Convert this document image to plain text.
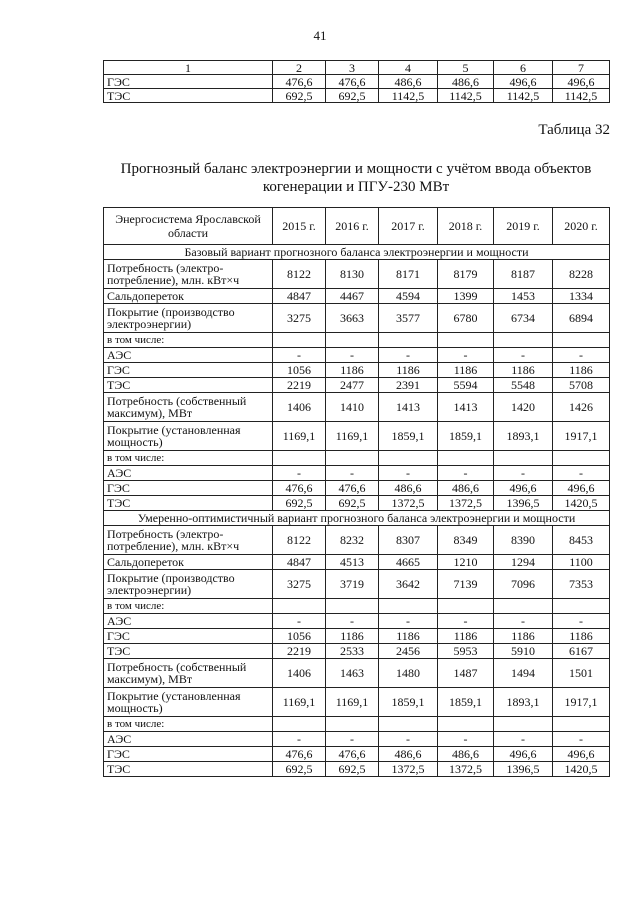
41
1	2	3	4	5	6	7
ГЭС	476,6	476,6	486,6	486,6	496,6	496,6
ТЭС	692,5	692,5	1142,5	1142,5	1142,5	1142,5
Таблица 32
Прогнозный баланс электроэнергии и мощности с учётом ввода объектов когенерации и ПГУ-230 МВт
Энергосистема Ярославской области	2015 г.	2016 г.	2017 г.	2018 г.	2019 г.	2020 г.
Базовый вариант прогнозного баланса электроэнергии и мощности						
Потребность (электро-потребление), млн. кВт×ч	8122	8130	8171	8179	8187	8228
Сальдопереток	4847	4467	4594	1399	1453	1334
Покрытие (производство электроэнергии)	3275	3663	3577	6780	6734	6894
в том числе:						
АЭС	-	-	-	-	-	-
ГЭС	1056	1186	1186	1186	1186	1186
ТЭС	2219	2477	2391	5594	5548	5708
Потребность (собственный максимум), МВт	1406	1410	1413	1413	1420	1426
Покрытие (установленная мощность)	1169,1	1169,1	1859,1	1859,1	1893,1	1917,1
в том числе:						
АЭС	-	-	-	-	-	-
ГЭС	476,6	476,6	486,6	486,6	496,6	496,6
ТЭС	692,5	692,5	1372,5	1372,5	1396,5	1420,5
Умеренно-оптимистичный вариант прогнозного баланса электроэнергии и мощности						
Потребность (электро-потребление), млн. кВт×ч	8122	8232	8307	8349	8390	8453
Сальдопереток	4847	4513	4665	1210	1294	1100
Покрытие (производство электроэнергии)	3275	3719	3642	7139	7096	7353
в том числе:						
АЭС	-	-	-	-	-	-
ГЭС	1056	1186	1186	1186	1186	1186
ТЭС	2219	2533	2456	5953	5910	6167
Потребность (собственный максимум), МВт	1406	1463	1480	1487	1494	1501
Покрытие (установленная мощность)	1169,1	1169,1	1859,1	1859,1	1893,1	1917,1
в том числе:						
АЭС	-	-	-	-	-	-
ГЭС	476,6	476,6	486,6	486,6	496,6	496,6
ТЭС	692,5	692,5	1372,5	1372,5	1396,5	1420,5
